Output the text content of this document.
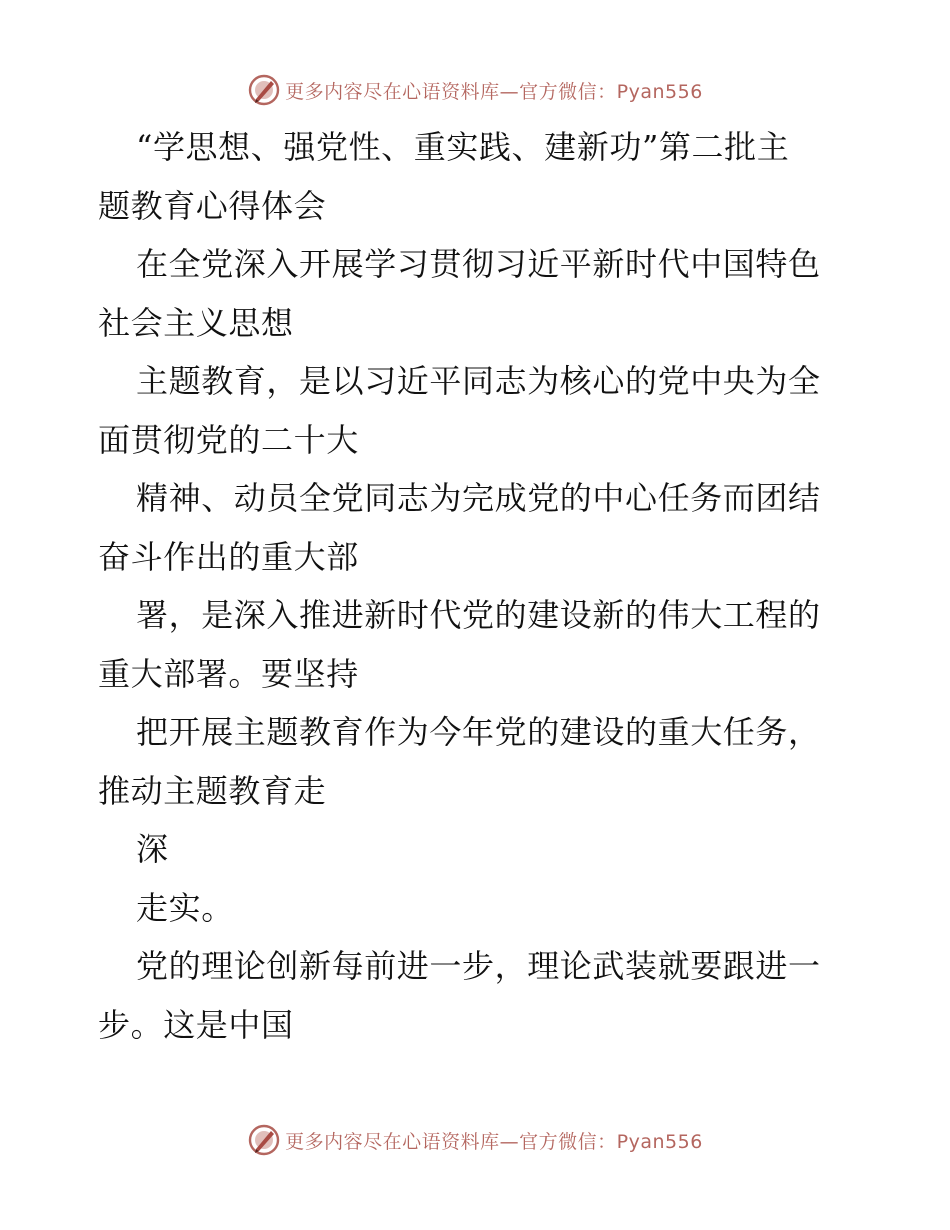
更多内容尽在心语资料库—官方微信：Pyan556
“学思想、强党性、重实践、建新功”第二批主
题教育心得体会
在全党深入开展学习贯彻习近平新时代中国特色
社会主义思想
主题教育，是以习近平同志为核心的党中央为全
面贯彻党的二十大
精神、动员全党同志为完成党的中心任务而团结
奋斗作出的重大部
署，是深入推进新时代党的建设新的伟大工程的
重大部署。要坚持
把开展主题教育作为今年党的建设的重大任务，
推动主题教育走
深
走实。
党的理论创新每前进一步，理论武装就要跟进一
步。这是中国
更多内容尽在心语资料库—官方微信：Pyan556
